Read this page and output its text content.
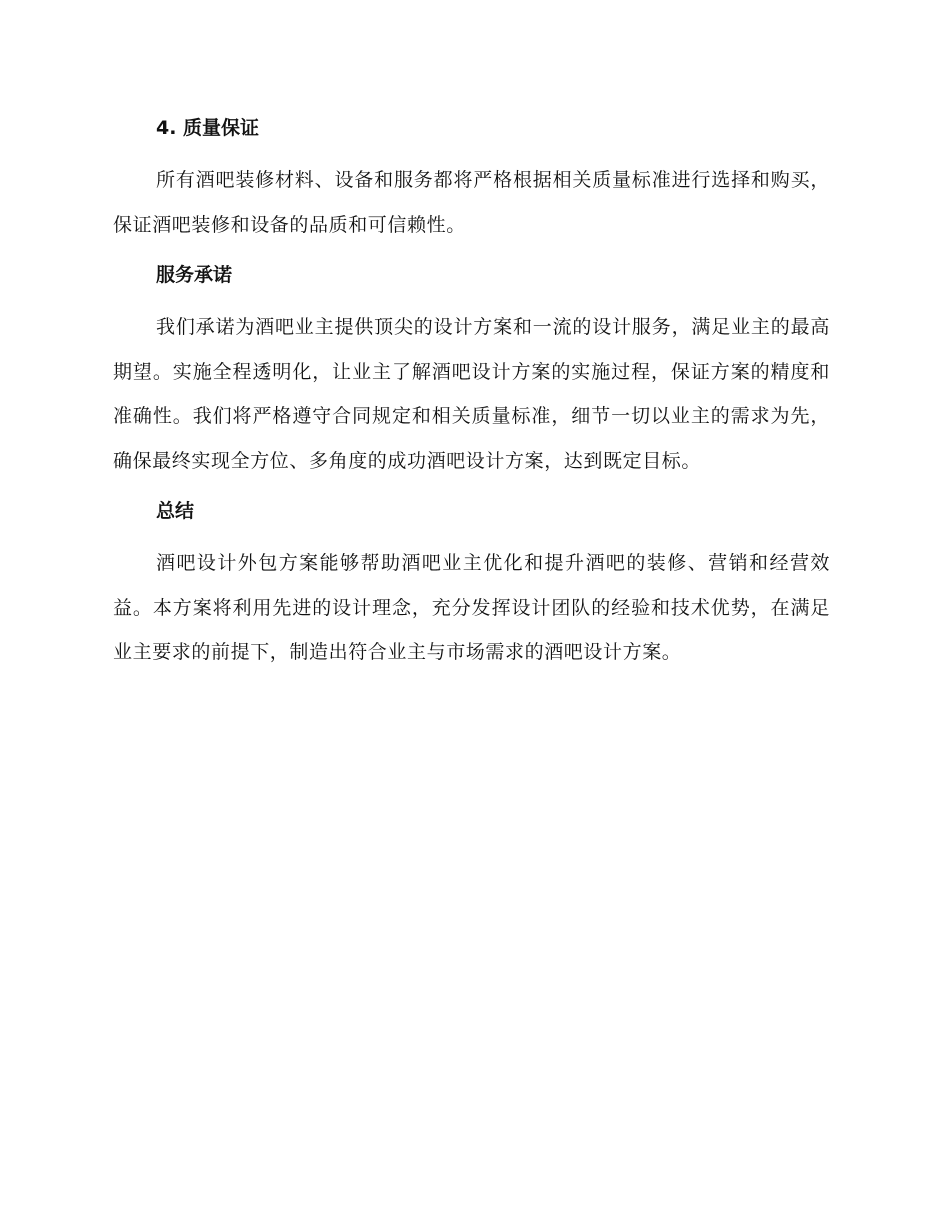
4. 质量保证

所有酒吧装修材料、设备和服务都将严格根据相关质量标准进行选择和购买，保证酒吧装修和设备的品质和可信赖性。

服务承诺

我们承诺为酒吧业主提供顶尖的设计方案和一流的设计服务，满足业主的最高期望。实施全程透明化，让业主了解酒吧设计方案的实施过程，保证方案的精度和准确性。我们将严格遵守合同规定和相关质量标准，细节一切以业主的需求为先，确保最终实现全方位、多角度的成功酒吧设计方案，达到既定目标。

总结

酒吧设计外包方案能够帮助酒吧业主优化和提升酒吧的装修、营销和经营效益。本方案将利用先进的设计理念，充分发挥设计团队的经验和技术优势，在满足业主要求的前提下，制造出符合业主与市场需求的酒吧设计方案。
